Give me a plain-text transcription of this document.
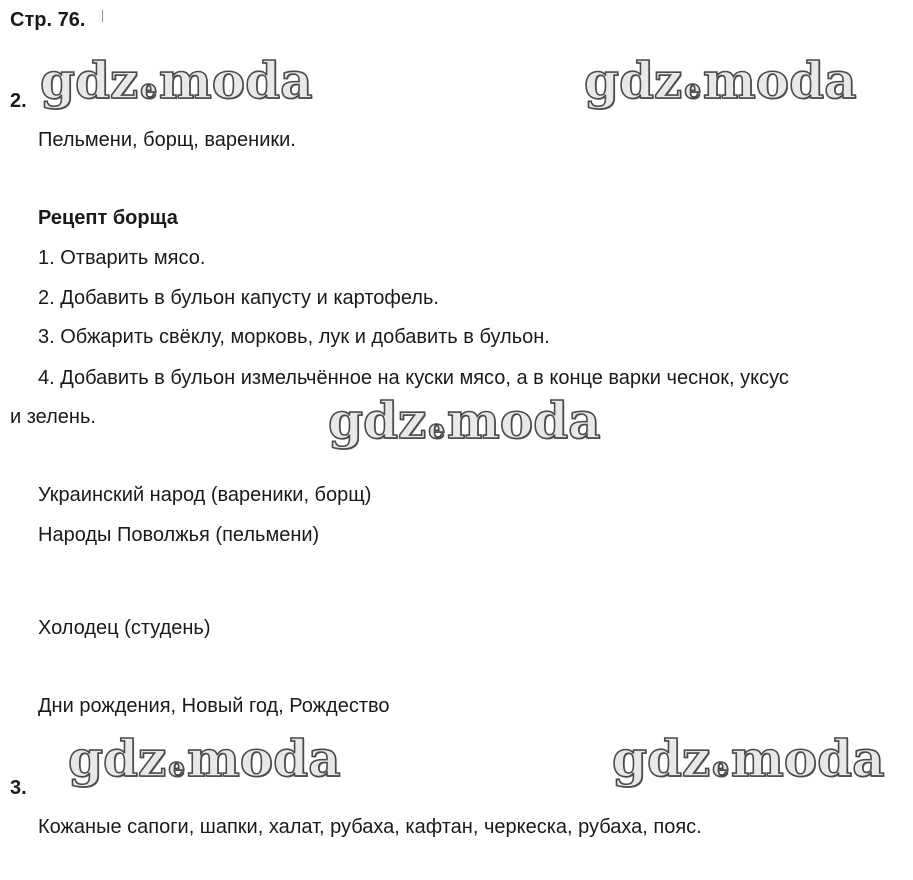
Стр. 76.
gdzemoda	gdzemoda
gdzemoda
gdzemoda	gdzemoda
2.
Пельмени, борщ, вареники.
Рецепт борща
1. Отварить мясо.
2. Добавить в бульон капусту и картофель.
3. Обжарить свёклу, морковь, лук и добавить в бульон.
4. Добавить в бульон измельчённое на куски мясо, а в конце варки чеснок, уксус
и зелень.
Украинский народ (вареники, борщ)
Народы Поволжья (пельмени)
Холодец (студень)
Дни рождения, Новый год, Рождество
3.
Кожаные сапоги, шапки, халат, рубаха, кафтан, черкеска, рубаха, пояс.
